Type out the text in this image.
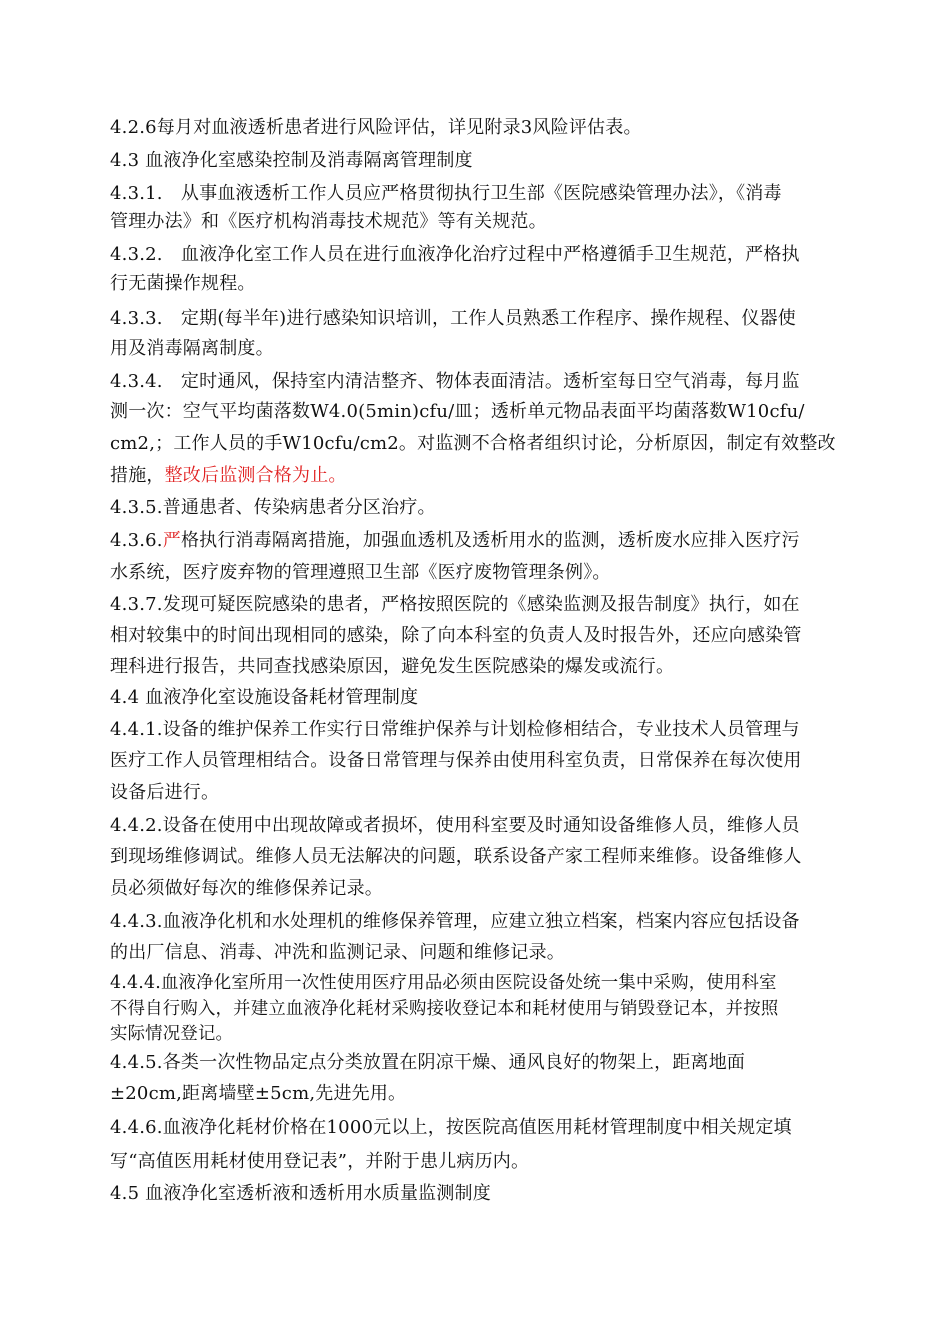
4.2.6每月对血液透析患者进行风险评估，详见附录3风险评估表。
4.3 血液净化室感染控制及消毒隔离管理制度
4.3.1.　从事血液透析工作人员应严格贯彻执行卫生部《医院感染管理办法》，《消毒
管理办法》和《医疗机构消毒技术规范》等有关规范。
4.3.2.　血液净化室工作人员在进行血液净化治疗过程中严格遵循手卫生规范，严格执
行无菌操作规程。
4.3.3.　定期(每半年)进行感染知识培训，工作人员熟悉工作程序、操作规程、仪器使
用及消毒隔离制度。
4.3.4.　定时通风，保持室内清洁整齐、物体表面清洁。透析室每日空气消毒，每月监
测一次：空气平均菌落数W4.0(5min)cfu/皿；透析单元物品表面平均菌落数W10cfu/
cm2,；工作人员的手W10cfu/cm2。对监测不合格者组织讨论，分析原因，制定有效整改
措施，整改后监测合格为止。
4.3.5.普通患者、传染病患者分区治疗。
4.3.6.严格执行消毒隔离措施，加强血透机及透析用水的监测，透析废水应排入医疗污
水系统，医疗废弃物的管理遵照卫生部《医疗废物管理条例》。
4.3.7.发现可疑医院感染的患者，严格按照医院的《感染监测及报告制度》执行，如在
相对较集中的时间出现相同的感染，除了向本科室的负责人及时报告外，还应向感染管
理科进行报告，共同查找感染原因，避免发生医院感染的爆发或流行。
4.4 血液净化室设施设备耗材管理制度
4.4.1.设备的维护保养工作实行日常维护保养与计划检修相结合，专业技术人员管理与
医疗工作人员管理相结合。设备日常管理与保养由使用科室负责，日常保养在每次使用
设备后进行。
4.4.2.设备在使用中出现故障或者损坏，使用科室要及时通知设备维修人员，维修人员
到现场维修调试。维修人员无法解决的问题，联系设备产家工程师来维修。设备维修人
员必须做好每次的维修保养记录。
4.4.3.血液净化机和水处理机的维修保养管理，应建立独立档案，档案内容应包括设备
的出厂信息、消毒、冲洗和监测记录、问题和维修记录。
4.4.4.血液净化室所用一次性使用医疗用品必须由医院设备处统一集中采购，使用科室
不得自行购入，并建立血液净化耗材采购接收登记本和耗材使用与销毁登记本，并按照
实际情况登记。
4.4.5.各类一次性物品定点分类放置在阴凉干燥、通风良好的物架上，距离地面
±20cm,距离墙壁±5cm,先进先用。
4.4.6.血液净化耗材价格在1000元以上，按医院高值医用耗材管理制度中相关规定填
写“高值医用耗材使用登记表”，并附于患儿病历内。
4.5 血液净化室透析液和透析用水质量监测制度
